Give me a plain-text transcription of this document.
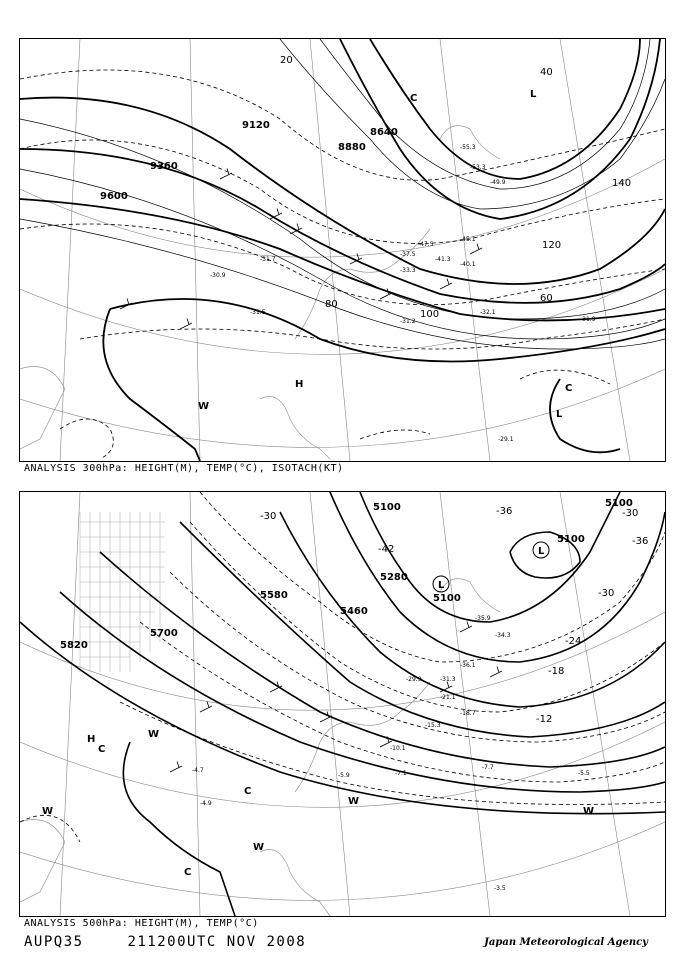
9120
8880
8640
9360
9600
20
40
60
80
100
120
140
-55.3
-53.3
-49.9
-47.5
-45.1
-41.3
-40.1
-37.5
-33.3
-32.1
-31.7
-31.5
-31.2
-30.9
-29.1
-31.9
C	L
H
W
C
L
ANALYSIS 300hPa: HEIGHT(M), TEMP(°C), ISOTACH(KT)
5100
5100
5100
5280
5460
5580
5700
5820
5100
-36
-30
-24
-18
-12
-30
-36
-42
-30
-35.9
-34.3
-36.1
-31.3
-29.9
-21.1
-18.7
-15.3
-10.1
-7.7
-5.5
-7.1
-5.9
-4.9
-4.7
-3.5
L
L
H
C
W
W
C
W
W
C
W
ANALYSIS 500hPa: HEIGHT(M), TEMP(°C)
AUPQ35	211200UTC NOV 2008	Japan Meteorological Agency
